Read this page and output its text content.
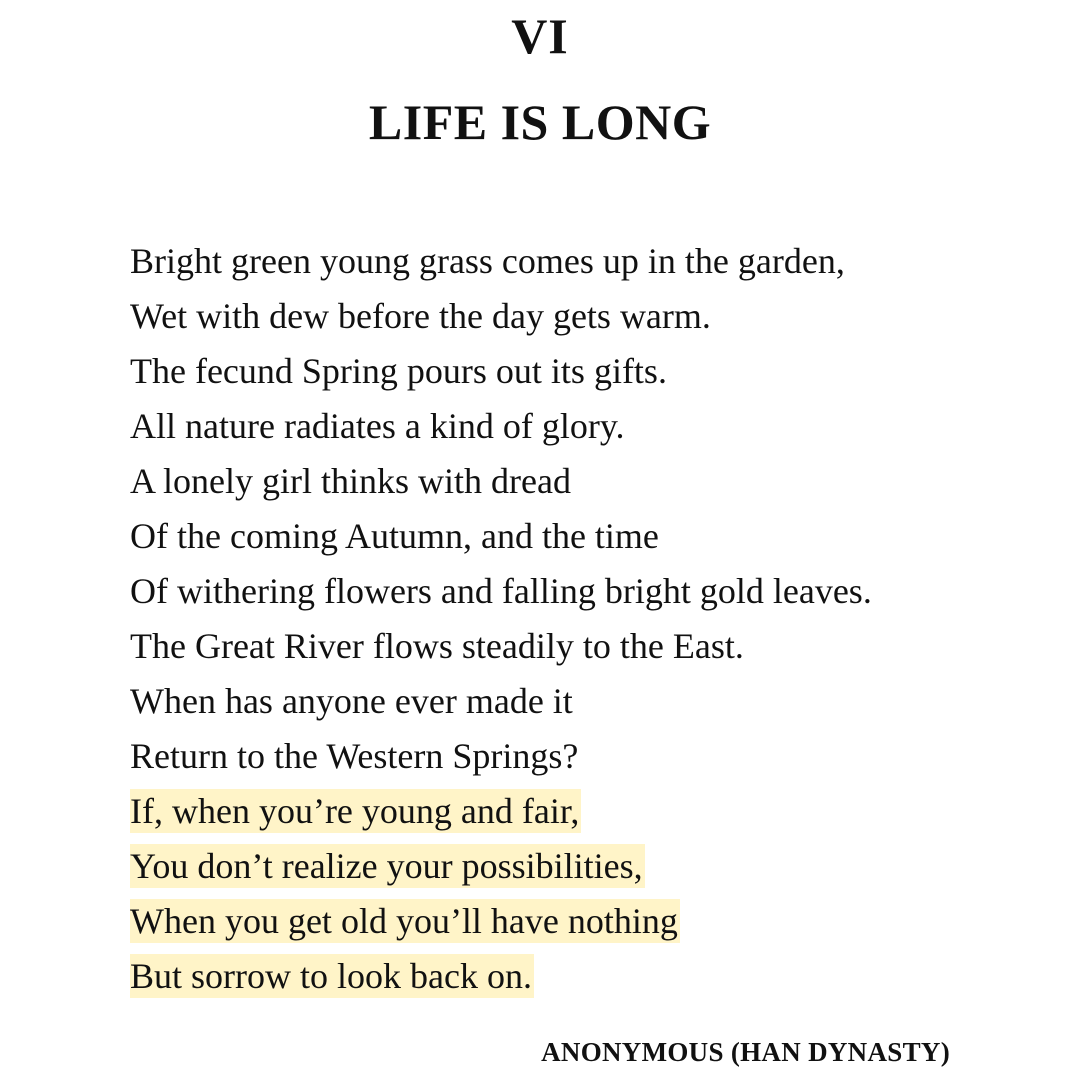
VI
LIFE IS LONG
Bright green young grass comes up in the garden,
Wet with dew before the day gets warm.
The fecund Spring pours out its gifts.
All nature radiates a kind of glory.
A lonely girl thinks with dread
Of the coming Autumn, and the time
Of withering flowers and falling bright gold leaves.
The Great River flows steadily to the East.
When has anyone ever made it
Return to the Western Springs?
If, when you’re young and fair,
You don’t realize your possibilities,
When you get old you’ll have nothing
But sorrow to look back on.
ANONYMOUS (HAN DYNASTY)
